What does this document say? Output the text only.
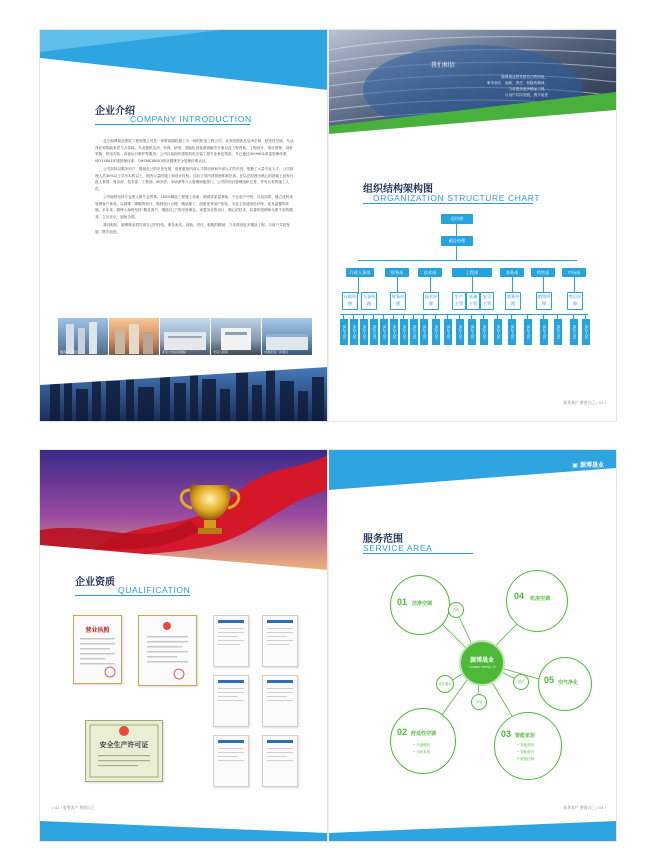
企业介绍
COMPANY INTRODUCTION

北京源博晟业建筑工程有限公司是一家集前期机施工为一体的机电工程公司，业务范围涉及洁净空调、舒适性空调、气动净化和智能家居几大领域。专业提供洁净、环保、舒适、智能化设备系统解决方案以及工程咨询、工程设计、项目管理、设备采购、机电安装、设备运行维护等服务。公司目前拥有建筑机电安装工程专业承包资质，并已通过ISO9001质量管理体系、ISO14001环境管理体系、OHSMS18001职业健康安全管理体系认证。

公司坚持以服务用户、增值自己的宗旨发展，高度重视内部人才的培养和外部人才的引进，集聚了大量专业人才，公司管理人员30%以上学历本科以上，拥有大量的施工和设计经验。目前公司内部管理体制完善，在以总经理为核心的基础上设有行政人事部、财务部、技术部、工程部、商务部、市场部等六大管理职能部门，公司的项目管理组织完善、并有自有的施工人员。

公司始终坚持专业的人做专业的事，100%精品工程施工信条，做到零质量事故，不让用户中伤，以优质的、健立成科来管理客户体验，以减排、降碳的设计，做到设计合理，精品施工，创建优秀用户体验，为业主营造绿色环保、优美温馨的环境。多年来，源博人始终坚持“服务客户，增值自己”的经营理念，秉着务实的设计，精心的技术，轻幕的管理和无微不至的服务，立足北京，福射全国。

我们相信，源博晟业将凭借自己的经验，事务表实，创新、责任、积极的精神，力求建设更多精品工程，与用户共同发展，携手前进。

服务小区项目	北京大学运动国际	北京人民院	中国安家厂首项目
我们相信
源博晟业将凭借自己的经验，
事务表实、创新、责任、积极的精神，
力求建设更多精品工程，
与用户共同发展，携手前进
组织结构架构图
ORGANIZATION STRUCTURE CHART
总经理
副总经理
行政人事部	财务部	技术部	工程部	商务部	销售部	市场部
行政经理
人事经理
财务经理
技术经理
生产主管
质量主管
安全主管
商务经理
销售经理
售后经理
服务客户 增值自己 / 01 /
岗位人员	岗位人员	岗位人员	岗位人员	岗位人员	岗位人员	岗位人员	岗位人员	岗位人员	岗位人员	岗位人员	岗位人员	岗位人员	岗位人员	岗位人员	岗位人员	岗位人员	岗位人员	岗位人员	岗位人员	岗位人员
企业资质
QUALIFICATION
营业执照
安全生产许可证
/ 02 / 服务客户 增值自己
▣ 源博晟业
服务范围
SERVICE AREA
01 洁净空调
04 机房空调
05 空气净化
02 舒适性空调
• 冷凌暖机
• 多联系统
03 智能家居
• 智能照明
• 智能窗帘
• 暖通控制
咨询
设计服务
安装
维护
源博晟业
YUANBO SHENG YE
服务客户 增值自己 / 03 /
